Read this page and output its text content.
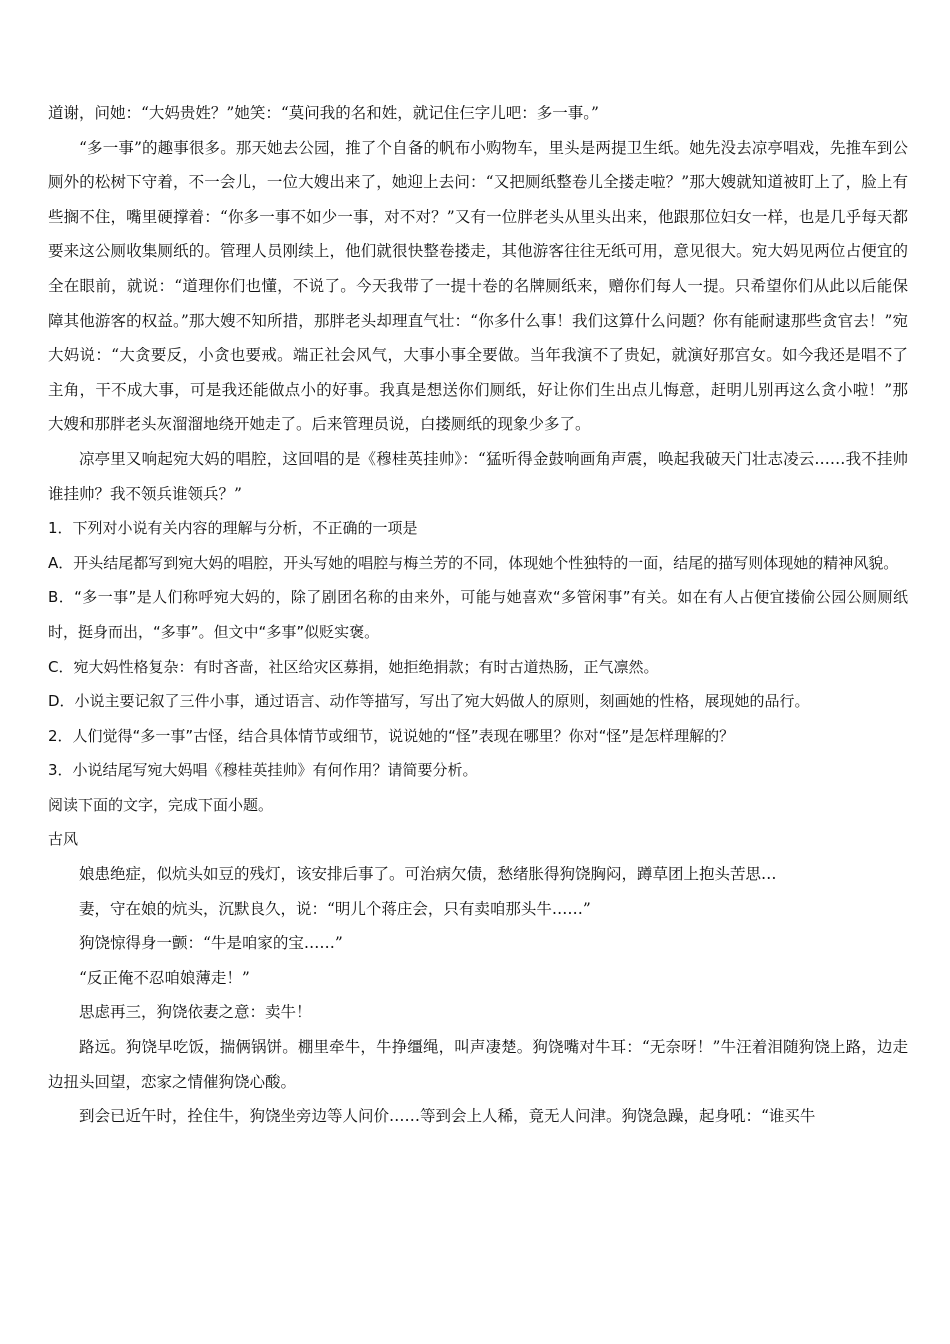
道谢，问她：“大妈贵姓？”她笑：“莫问我的名和姓，就记住仨字儿吧：多一事。”

“多一事”的趣事很多。那天她去公园，推了个自备的帆布小购物车，里头是两提卫生纸。她先没去凉亭唱戏，先推车到公厕外的松树下守着，不一会儿，一位大嫂出来了，她迎上去问：“又把厕纸整卷儿全搂走啦？”那大嫂就知道被盯上了，脸上有些搁不住，嘴里硬撑着：“你多一事不如少一事，对不对？”又有一位胖老头从里头出来，他跟那位妇女一样，也是几乎每天都要来这公厕收集厕纸的。管理人员刚续上，他们就很快整卷搂走，其他游客往往无纸可用，意见很大。宛大妈见两位占便宜的全在眼前，就说：“道理你们也懂，不说了。今天我带了一提十卷的名牌厕纸来，赠你们每人一提。只希望你们从此以后能保障其他游客的权益。”那大嫂不知所措，那胖老头却理直气壮：“你多什么事！我们这算什么问题？你有能耐逮那些贪官去！”宛大妈说：“大贪要反，小贪也要戒。端正社会风气，大事小事全要做。当年我演不了贵妃，就演好那宫女。如今我还是唱不了主角，干不成大事，可是我还能做点小的好事。我真是想送你们厕纸，好让你们生出点儿悔意，赶明儿别再这么贪小啦！”那大嫂和那胖老头灰溜溜地绕开她走了。后来管理员说，白搂厕纸的现象少多了。

凉亭里又响起宛大妈的唱腔，这回唱的是《穆桂英挂帅》：“猛听得金鼓响画角声震，唤起我破天门壮志凌云……我不挂帅谁挂帅？我不领兵谁领兵？”

1．下列对小说有关内容的理解与分析，不正确的一项是

A．开头结尾都写到宛大妈的唱腔，开头写她的唱腔与梅兰芳的不同，体现她个性独特的一面，结尾的描写则体现她的精神风貌。

B．“多一事”是人们称呼宛大妈的，除了剧团名称的由来外，可能与她喜欢“多管闲事”有关。如在有人占便宜搂偷公园公厕厕纸时，挺身而出，“多事”。但文中“多事”似贬实褒。

C．宛大妈性格复杂：有时吝啬，社区给灾区募捐，她拒绝捐款；有时古道热肠，正气凛然。

D．小说主要记叙了三件小事，通过语言、动作等描写，写出了宛大妈做人的原则，刻画她的性格，展现她的品行。

2．人们觉得“多一事”古怪，结合具体情节或细节，说说她的“怪”表现在哪里？你对“怪”是怎样理解的？

3．小说结尾写宛大妈唱《穆桂英挂帅》有何作用？请简要分析。

阅读下面的文字，完成下面小题。

古风

娘患绝症，似炕头如豆的残灯，该安排后事了。可治病欠债，愁绪胀得狗饶胸闷，蹲草团上抱头苦思…

妻，守在娘的炕头，沉默良久，说：“明儿个蒋庄会，只有卖咱那头牛……”

狗饶惊得身一颤：“牛是咱家的宝……”

“反正俺不忍咱娘薄走！”

思虑再三，狗饶依妻之意：卖牛！

路远。狗饶早吃饭，揣俩锅饼。棚里牵牛，牛挣缰绳，叫声凄楚。狗饶嘴对牛耳：“无奈呀！”牛汪着泪随狗饶上路，边走边扭头回望，恋家之情催狗饶心酸。

到会已近午时，拴住牛，狗饶坐旁边等人问价……等到会上人稀，竟无人问津。狗饶急躁，起身吼：“谁买牛
